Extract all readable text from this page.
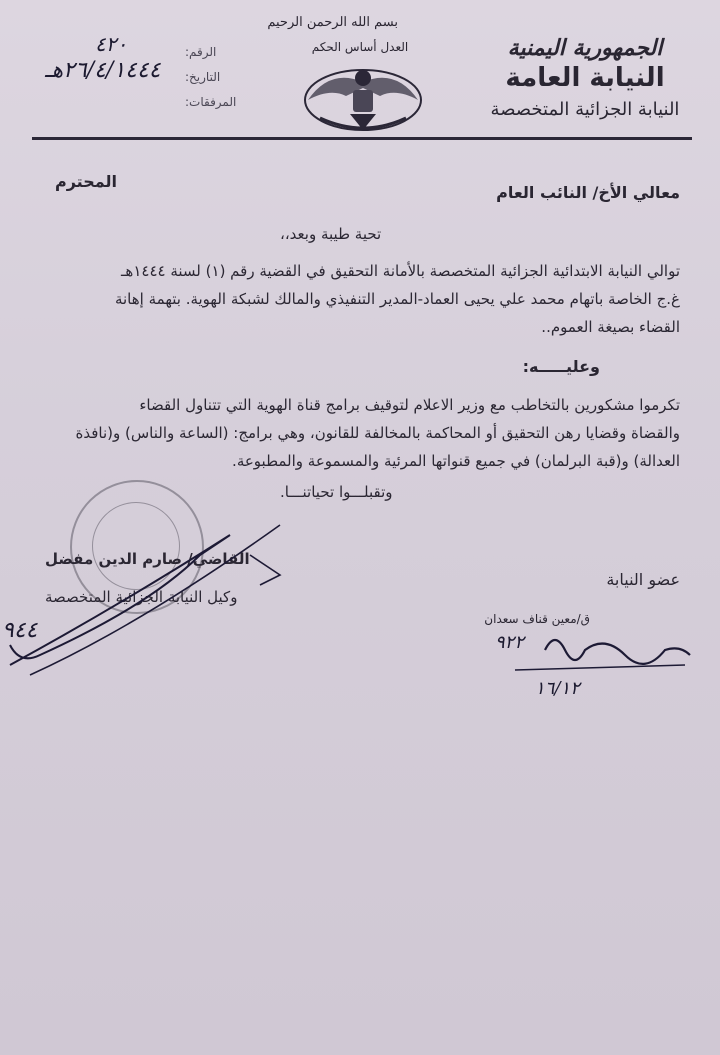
الجمهورية اليمنية
النيابة العامة
النيابة الجزائية المتخصصة
بسم الله الرحمن الرحيم
العدل أساس الحكم
الرقم:
التاريخ:
المرفقات:
٤٢٠
٢٦/٤/١٤٤٤هـ
معالي الأخ/ النائب العام
المحترم
تحية طيبة وبعد،،
توالي النيابة الابتدائية الجزائية المتخصصة بالأمانة التحقيق في القضية رقم (١) لسنة ١٤٤٤هـ
غ.ج الخاصة باتهام محمد علي يحيى العماد-المدير التنفيذي والمالك لشبكة الهوية. بتهمة إهانة
القضاء بصيغة العموم..
وعليـــــه:
تكرموا مشكورين بالتخاطب مع وزير الاعلام لتوقيف برامج قناة الهوية التي تتناول القضاء
والقضاة وقضايا رهن التحقيق أو المحاكمة بالمخالفة للقانون، وهي برامج: (الساعة والناس) و(نافذة
العدالة) و(قبة البرلمان) في جميع قنواتها المرئية والمسموعة والمطبوعة.
وتقبلـــوا تحياتنـــا.
القاضي/ صارم الدين مفضل
وكيل النيابة الجزائية المتخصصة
٩٤٤
عضو النيابة
ق/معين قناف سعدان
٩٢٢
١٦/١٢
